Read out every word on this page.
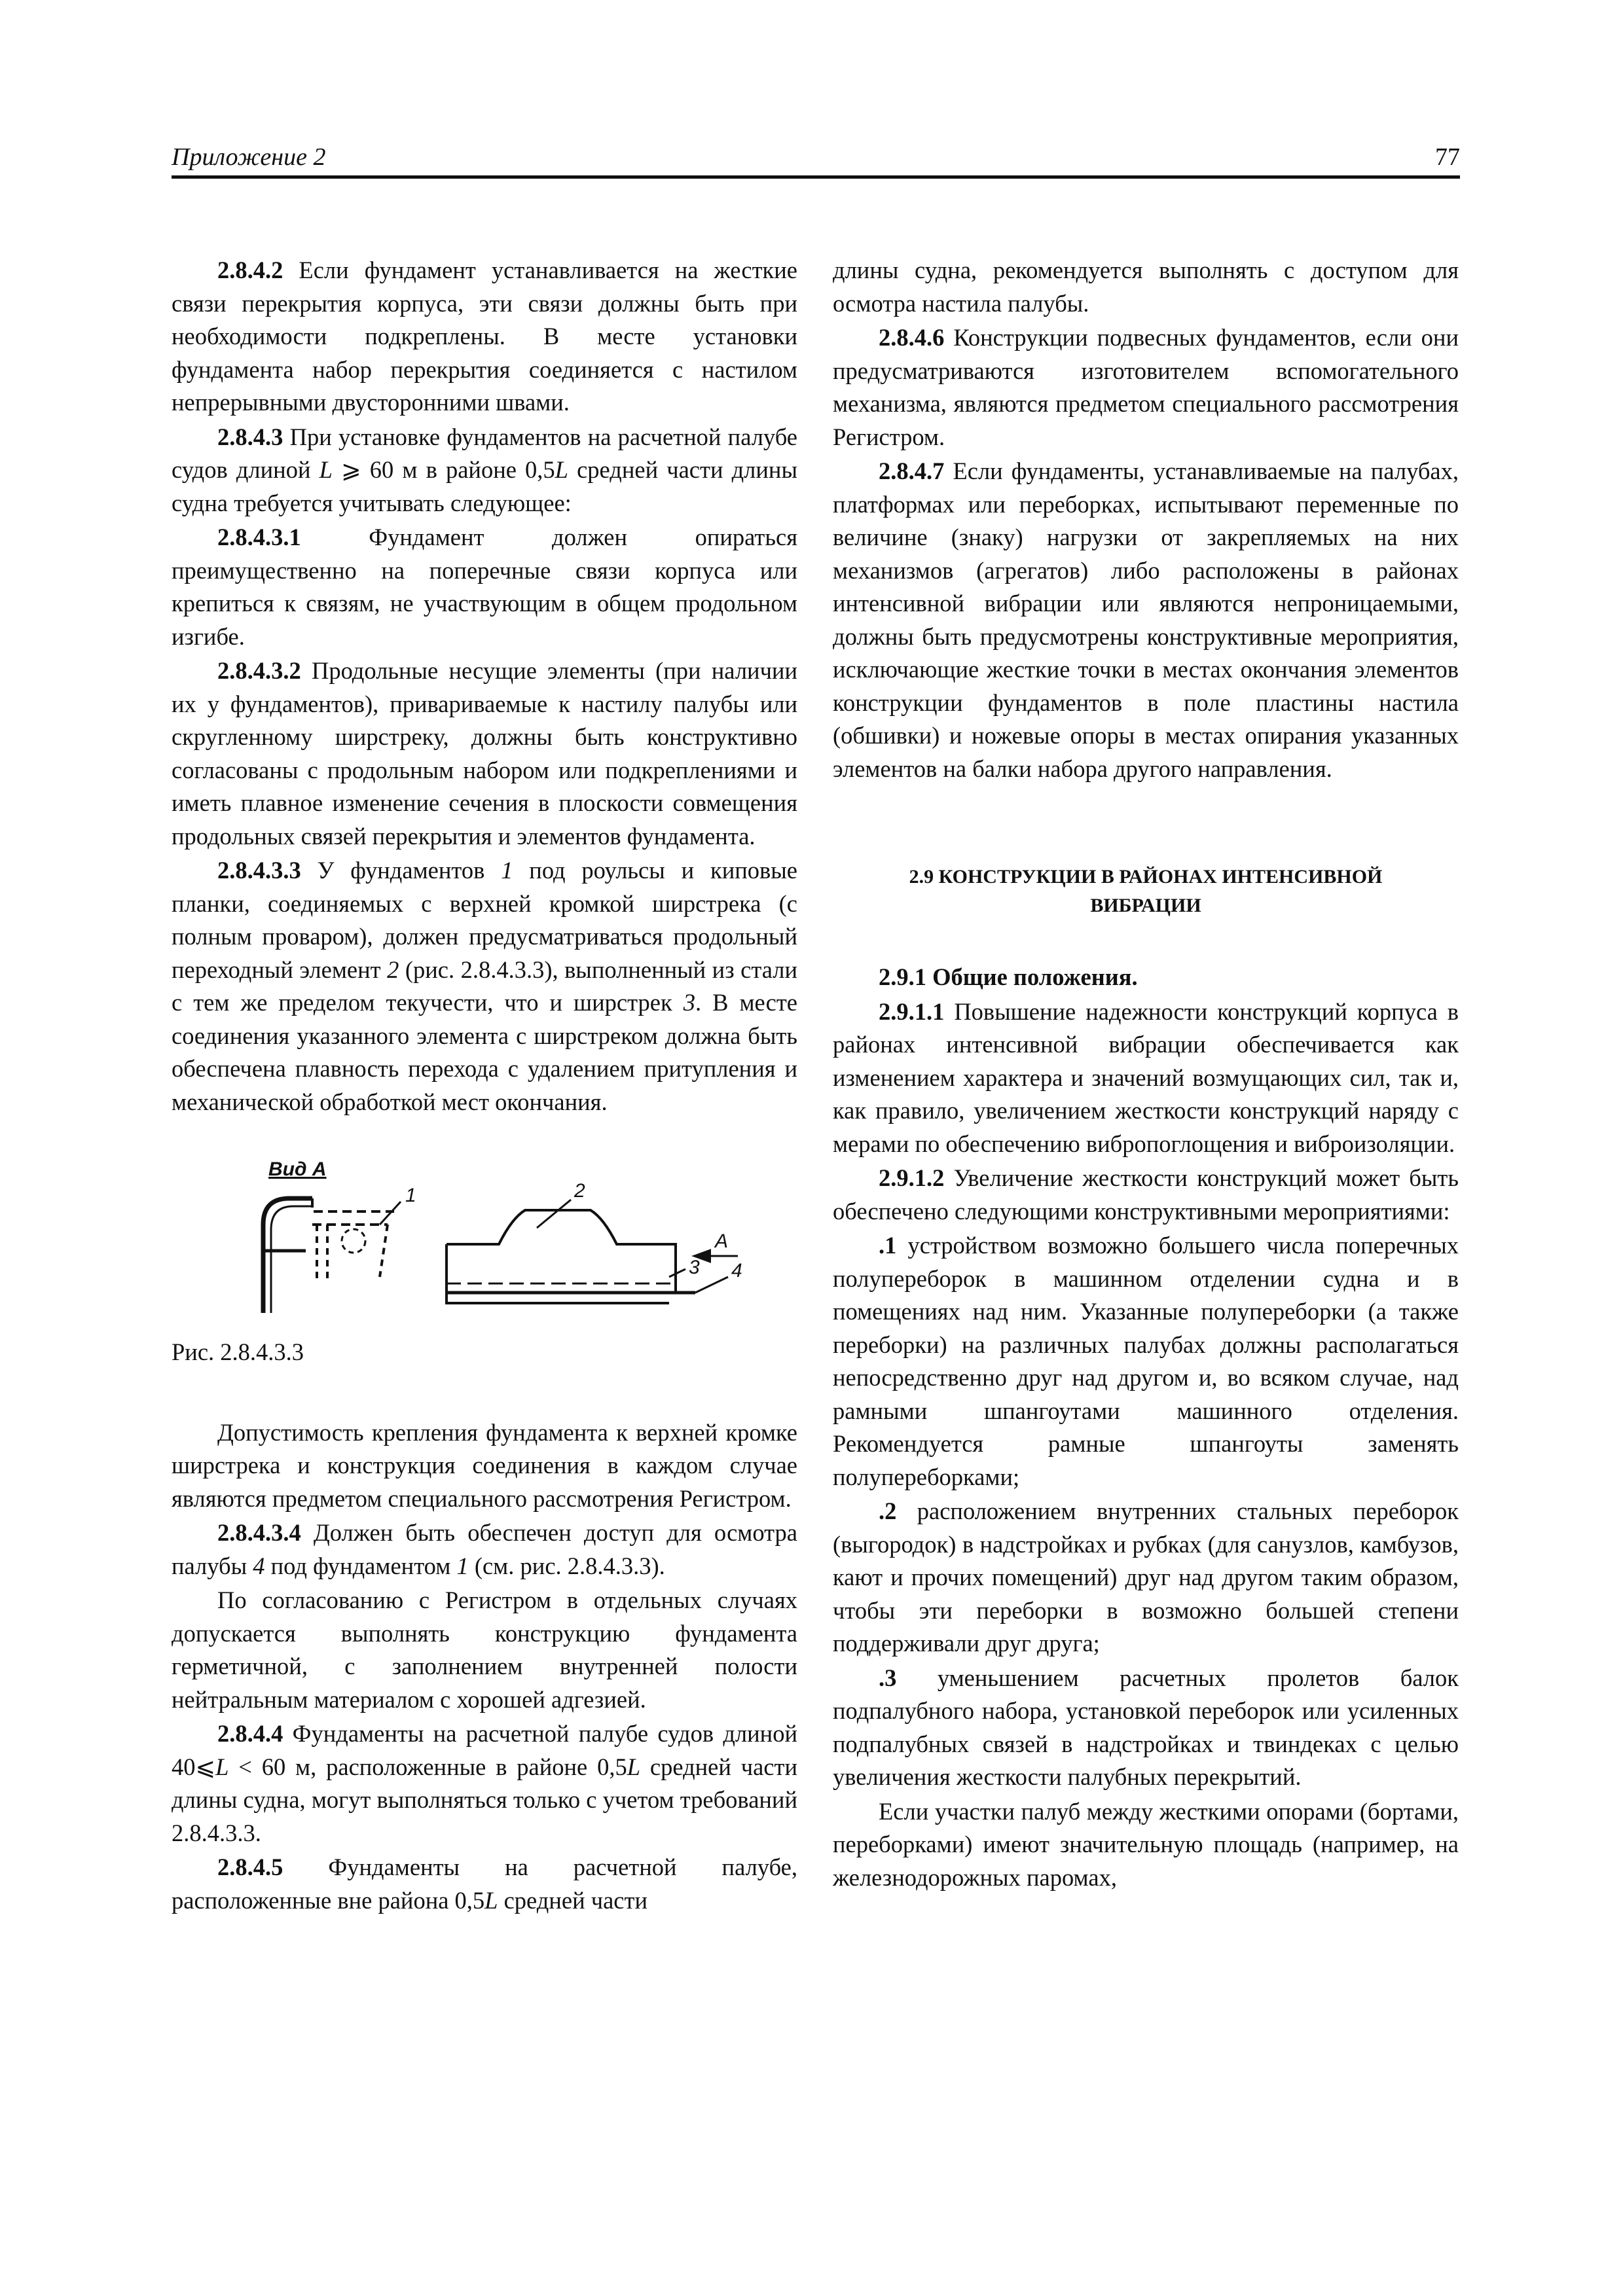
Приложение 2	77

2.8.4.2 Если фундамент устанавливается на жесткие связи перекрытия корпуса, эти связи должны быть при необходимости подкреплены. В месте установки фундамента набор перекрытия соединяется с настилом непрерывными двусторонними швами.

2.8.4.3 При установке фундаментов на расчетной палубе судов длиной L ⩾ 60 м в районе 0,5L средней части длины судна требуется учитывать следующее:

2.8.4.3.1 Фундамент должен опираться преимущественно на поперечные связи корпуса или крепиться к связям, не участвующим в общем продольном изгибе.

2.8.4.3.2 Продольные несущие элементы (при наличии их у фундаментов), привариваемые к настилу палубы или скругленному ширстреку, должны быть конструктивно согласованы с продольным набором или подкреплениями и иметь плавное изменение сечения в плоскости совмещения продольных связей перекрытия и элементов фундамента.

2.8.4.3.3 У фундаментов 1 под роульсы и киповые планки, соединяемых с верхней кромкой ширстрека (с полным проваром), должен предусматриваться продольный переходный элемент 2 (рис. 2.8.4.3.3), выполненный из стали с тем же пределом текучести, что и ширстрек 3. В месте соединения указанного элемента с ширстреком должна быть обеспечена плавность перехода с удалением притупления и механической обработкой мест окончания.

Вид А
1	2
3 4
А

Рис. 2.8.4.3.3

Допустимость крепления фундамента к верхней кромке ширстрека и конструкция соединения в каждом случае являются предметом специального рассмотрения Регистром.

2.8.4.3.4 Должен быть обеспечен доступ для осмотра палубы 4 под фундаментом 1 (см. рис. 2.8.4.3.3).

По согласованию с Регистром в отдельных случаях допускается выполнять конструкцию фундамента герметичной, с заполнением внутренней полости нейтральным материалом с хорошей адгезией.

2.8.4.4 Фундаменты на расчетной палубе судов длиной 40⩽L < 60 м, расположенные в районе 0,5L средней части длины судна, могут выполняться только с учетом требований 2.8.4.3.3.

2.8.4.5 Фундаменты на расчетной палубе, расположенные вне района 0,5L средней части

длины судна, рекомендуется выполнять с доступом для осмотра настила палубы.

2.8.4.6 Конструкции подвесных фундаментов, если они предусматриваются изготовителем вспомогательного механизма, являются предметом специального рассмотрения Регистром.

2.8.4.7 Если фундаменты, устанавливаемые на палубах, платформах или переборках, испытывают переменные по величине (знаку) нагрузки от закрепляемых на них механизмов (агрегатов) либо расположены в районах интенсивной вибрации или являются непроницаемыми, должны быть предусмотрены конструктивные мероприятия, исключающие жесткие точки в местах окончания элементов конструкции фундаментов в поле пластины настила (обшивки) и ножевые опоры в местах опирания указанных элементов на балки набора другого направления.

2.9 КОНСТРУКЦИИ В РАЙОНАХ ИНТЕНСИВНОЙ
ВИБРАЦИИ

2.9.1 Общие положения.

2.9.1.1 Повышение надежности конструкций корпуса в районах интенсивной вибрации обеспечивается как изменением характера и значений возмущающих сил, так и, как правило, увеличением жесткости конструкций наряду с мерами по обеспечению вибропоглощения и виброизоляции.

2.9.1.2 Увеличение жесткости конструкций может быть обеспечено следующими конструктивными мероприятиями:

.1 устройством возможно большего числа поперечных полупереборок в машинном отделении судна и в помещениях над ним. Указанные полупереборки (а также переборки) на различных палубах должны располагаться непосредственно друг над другом и, во всяком случае, над рамными шпангоутами машинного отделения. Рекомендуется рамные шпангоуты заменять полупереборками;

.2 расположением внутренних стальных переборок (выгородок) в надстройках и рубках (для санузлов, камбузов, кают и прочих помещений) друг над другом таким образом, чтобы эти переборки в возможно большей степени поддерживали друг друга;

.3 уменьшением расчетных пролетов балок подпалубного набора, установкой переборок или усиленных подпалубных связей в надстройках и твиндеках с целью увеличения жесткости палубных перекрытий.

Если участки палуб между жесткими опорами (бортами, переборками) имеют значительную площадь (например, на железнодорожных паромах,
